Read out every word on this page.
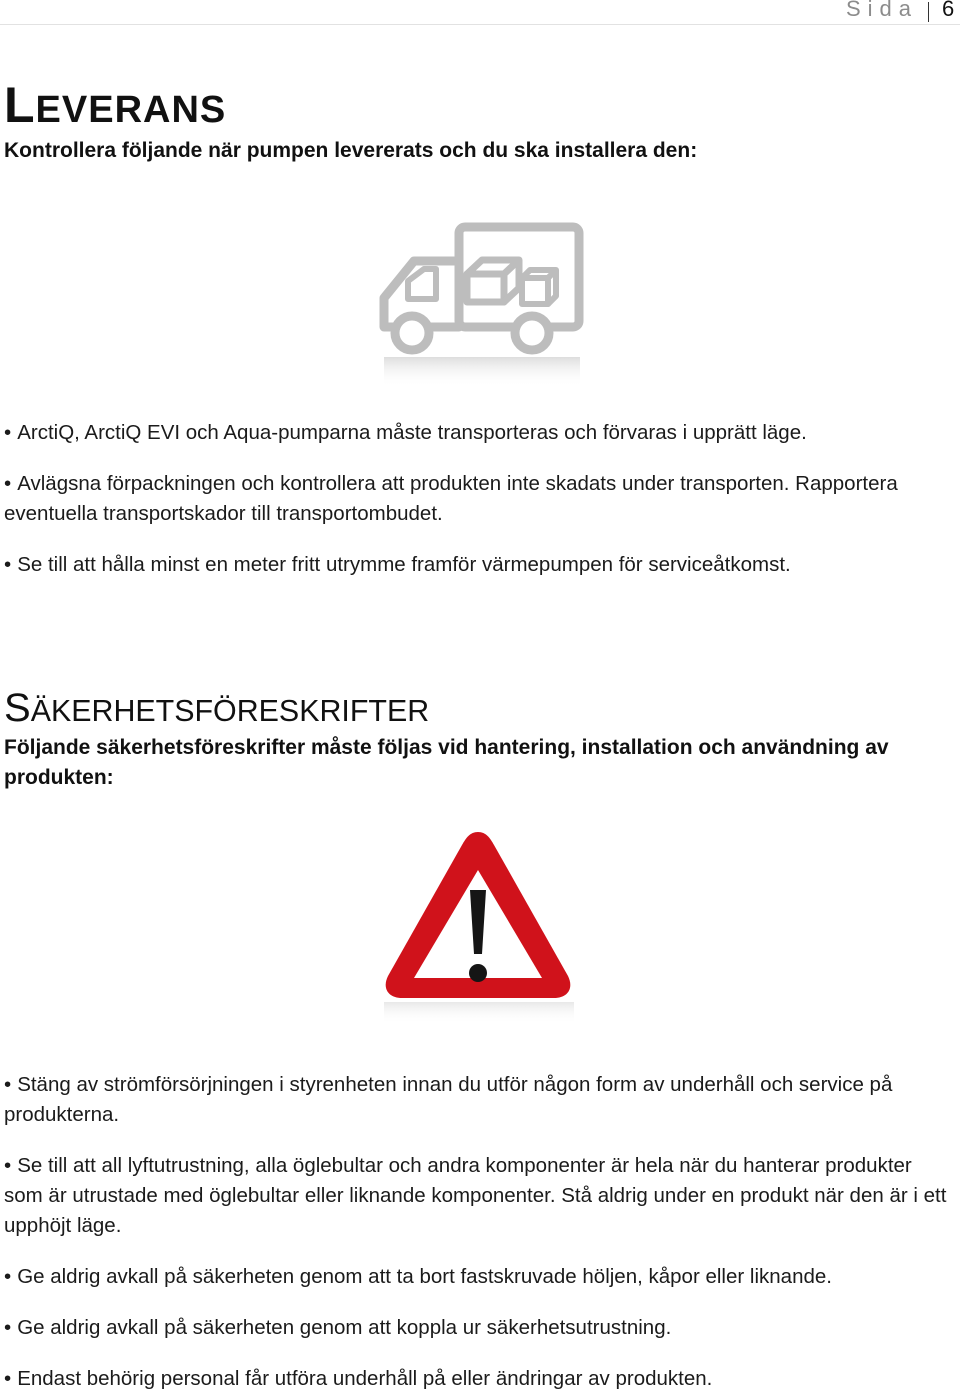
Sida 6
LEVERANS

Kontrollera följande när pumpen levererats och du ska installera den:

• ArctiQ, ArctiQ EVI och Aqua-pumparna måste transporteras och förvaras i upprätt läge.

• Avlägsna förpackningen och kontrollera att produkten inte skadats under transporten. Rapportera eventuella transportskador till transportombudet.

• Se till att hålla minst en meter fritt utrymme framför värmepumpen för serviceåtkomst.

SÄKERHETSFÖRESKRIFTER

Följande säkerhetsföreskrifter måste följas vid hantering, installation och användning av produkten:

• Stäng av strömförsörjningen i styrenheten innan du utför någon form av underhåll och service på produkterna.

• Se till att all lyftutrustning, alla öglebultar och andra komponenter är hela när du hanterar produkter som är utrustade med öglebultar eller liknande komponenter. Stå aldrig under en produkt när den är i ett upphöjt läge.

• Ge aldrig avkall på säkerheten genom att ta bort fastskruvade höljen, kåpor eller liknande.

• Ge aldrig avkall på säkerheten genom att koppla ur säkerhetsutrustning.

• Endast behörig personal får utföra underhåll på eller ändringar av produkten.
